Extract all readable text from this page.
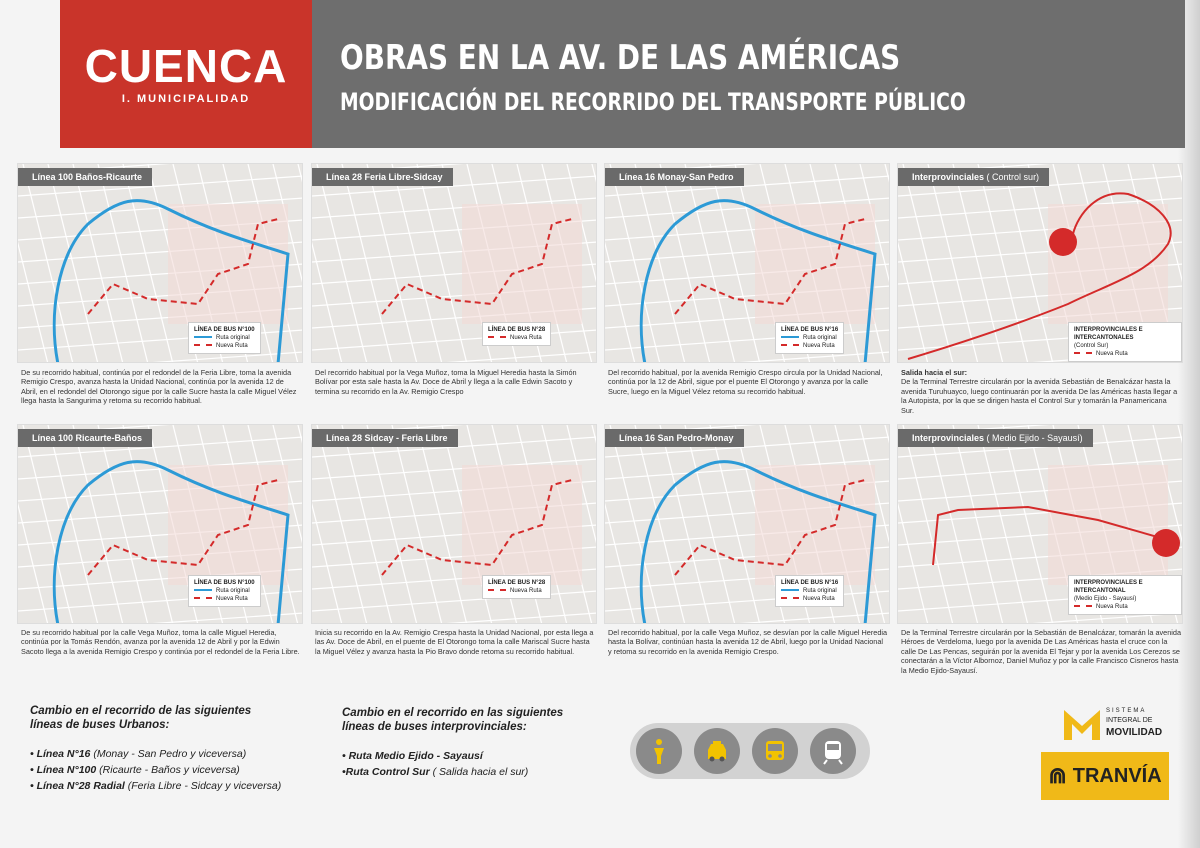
OBRAS EN LA AV. DE LAS AMÉRICAS
MODIFICACIÓN DEL RECORRIDO DEL TRANSPORTE PÚBLICO
CUENCA
I. MUNICIPALIDAD
Línea 100 Baños-Ricaurte
LÍNEA DE BUS N°100
Ruta original
Nueva Ruta
De su recorrido habitual, continúa por el redondel de la Feria Libre, toma la avenida Remigio Crespo, avanza hasta la Unidad Nacional, continúa por la avenida 12 de Abril, en el redondel del Otorongo sigue por la calle Sucre hasta la calle Miguel Vélez llega hasta la Sangurima y retoma su recorrido habitual.
Línea 28 Feria Libre-Sidcay
LÍNEA DE BUS N°28
Nueva Ruta
Del recorrido habitual por la Vega Muñoz, toma la Miguel Heredia hasta la Simón Bolívar por esta sale hasta la Av. Doce de Abril y llega a la calle Edwin Sacoto y termina su recorrido en la Av. Remigio Crespo
Línea 16 Monay-San Pedro
LÍNEA DE BUS N°16
Ruta original
Nueva Ruta
Del recorrido habitual, por la avenida Remigio Crespo circula por la Unidad Nacional, continúa por la 12 de Abril, sigue por el puente El Otorongo y avanza por la calle Sucre, luego en la Miguel Vélez retoma su recorrido habitual.
Interprovinciales ( Control sur)
INTERPROVINCIALES E INTERCANTONALES
(Control Sur)
Nueva Ruta
Salida hacia el sur:
De la Terminal Terrestre circularán por la avenida Sebastián de Benalcázar hasta la avenida Turuhuayco, luego continuarán por la avenida De las Américas hasta llegar a la Autopista, por la que se dirigen hasta el Control Sur y tomarán la Panamericana Sur.
Línea 100 Ricaurte-Baños
LÍNEA DE BUS N°100
Ruta original
Nueva Ruta
De su recorrido habitual por la calle Vega Muñoz, toma la calle Miguel Heredia, continúa por la Tomás Rendón, avanza por la avenida 12 de Abril y por la Edwin Sacoto llega a la avenida Remigio Crespo y continúa por el redondel de la Feria Libre.
Línea 28 Sidcay - Feria Libre
LÍNEA DE BUS N°28
Nueva Ruta
Inicia su recorrido en la Av. Remigio Crespa hasta la Unidad Nacional, por esta llega a las Av. Doce de Abril, en el puente de El Otorongo toma la calle Mariscal Sucre hasta la Miguel Vélez y avanza hasta la Pio Bravo donde retoma su recorrido habitual.
Línea 16 San Pedro-Monay
LÍNEA DE BUS N°16
Ruta original
Nueva Ruta
Del recorrido habitual, por la calle Vega Muñoz, se desvían por la calle Miguel Heredia hasta la Bolívar, continúan hasta la avenida 12 de Abril, luego por la Unidad Nacional y retoma su recorrido en la avenida Remigio Crespo.
Interprovinciales ( Medio Ejido - Sayausí)
INTERPROVINCIALES E INTERCANTONAL
(Medio Ejido - Sayausí)
Nueva Ruta
De la Terminal Terrestre circularán por la Sebastián de Benalcázar, tomarán la avenida Héroes de Verdeloma, luego por la avenida De Las Américas hasta el cruce con la calle De Las Pencas, seguirán por la avenida El Tejar y por la avenida Los Cerezos se conectarán a la Víctor Albornoz, Daniel Muñoz y por la calle Francisco Cisneros hasta la Medio Ejido-Sayausí.
Cambio en el recorrido de las siguientes líneas de buses Urbanos:
• Línea N°16 (Monay - San Pedro y viceversa)
• Línea N°100 (Ricaurte - Baños y viceversa)
• Línea N°28 Radial (Feria Libre - Sidcay y viceversa)
Cambio en el recorrido en las siguientes líneas de buses interprovinciales:
• Ruta Medio Ejido - Sayausí
•Ruta Control Sur ( Salida hacia el sur)
SISTEMA
INTEGRAL DE
MOVILIDAD
⋒ TRANVÍA
